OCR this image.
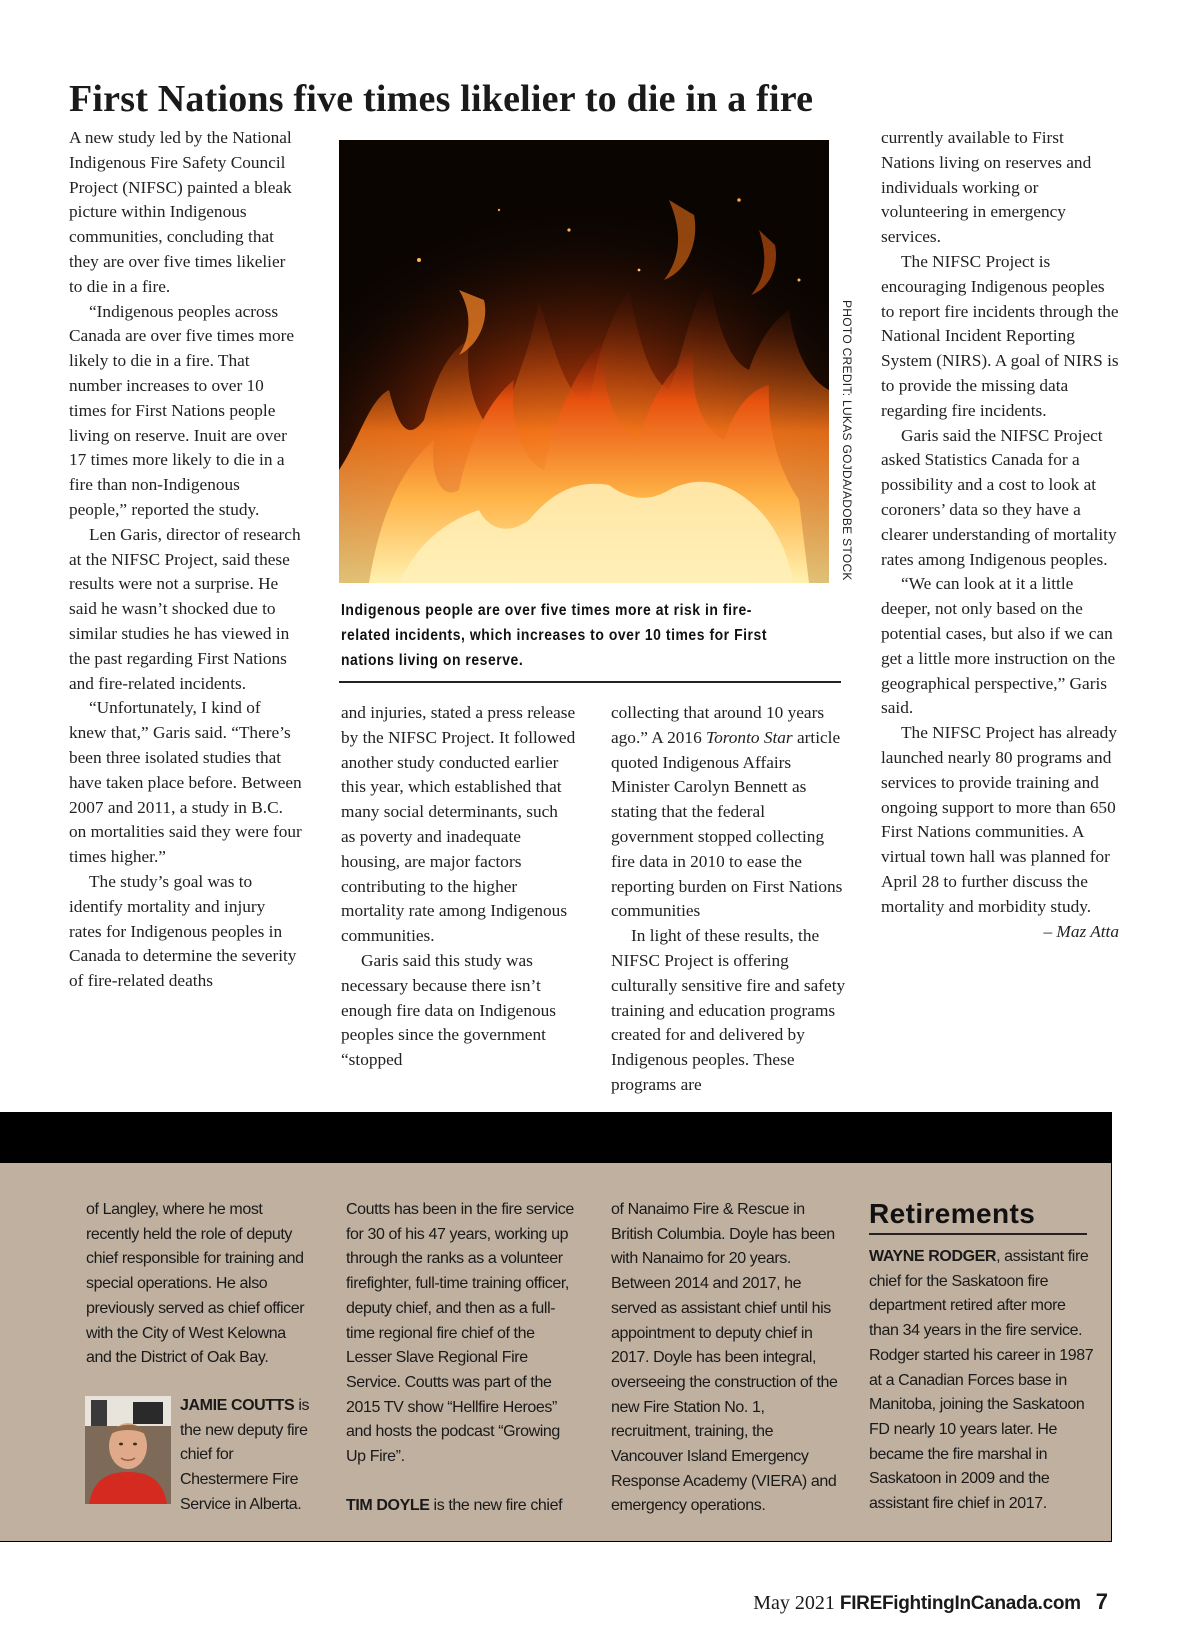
First Nations five times likelier to die in a fire

A new study led by the National Indigenous Fire Safety Council Project (NIFSC) painted a bleak picture within Indigenous communities, concluding that they are over five times likelier to die in a fire.

“Indigenous peoples across Canada are over five times more likely to die in a fire. That number increases to over 10 times for First Nations people living on reserve. Inuit are over 17 times more likely to die in a fire than non-Indigenous people,” reported the study.

Len Garis, director of research at the NIFSC Project, said these results were not a surprise. He said he wasn’t shocked due to similar studies he has viewed in the past regarding First Nations and fire-related incidents.

“Unfortunately, I kind of knew that,” Garis said. “There’s been three isolated studies that have taken place before. Between 2007 and 2011, a study in B.C. on mortalities said they were four times higher.”

The study’s goal was to identify mortality and injury rates for Indigenous peoples in Canada to determine the severity of fire-related deaths

PHOTO CREDIT: LUKAS GOJDA/ADOBE STOCK

Indigenous people are over five times more at risk in fire-related incidents, which increases to over 10 times for First nations living on reserve.

and injuries, stated a press release by the NIFSC Project. It followed another study conducted earlier this year, which established that many social determinants, such as poverty and inadequate housing, are major factors contributing to the higher mortality rate among Indigenous communities.

Garis said this study was necessary because there isn’t enough fire data on Indigenous peoples since the government “stopped

collecting that around 10 years ago.” A 2016 Toronto Star article quoted Indigenous Affairs Minister Carolyn Bennett as stating that the federal government stopped collecting fire data in 2010 to ease the reporting burden on First Nations communities

In light of these results, the NIFSC Project is offering culturally sensitive fire and safety training and education programs created for and delivered by Indigenous peoples. These programs are

currently available to First Nations living on reserves and individuals working or volunteering in emergency services.

The NIFSC Project is encouraging Indigenous peoples to report fire incidents through the National Incident Reporting System (NIRS). A goal of NIRS is to provide the missing data regarding fire incidents.

Garis said the NIFSC Project asked Statistics Canada for a possibility and a cost to look at coroners’ data so they have a clearer understanding of mortality rates among Indigenous peoples.

“We can look at it a little deeper, not only based on the potential cases, but also if we can get a little more instruction on the geographical perspective,” Garis said.

The NIFSC Project has already launched nearly 80 programs and services to provide training and ongoing support to more than 650 First Nations communities. A virtual town hall was planned for April 28 to further discuss the mortality and morbidity study.

– Maz Atta

of Langley, where he most recently held the role of deputy chief responsible for training and special operations. He also previously served as chief officer with the City of West Kelowna and the District of Oak Bay.

JAMIE COUTTS is the new deputy fire chief for Chestermere Fire Service in Alberta.

Coutts has been in the fire service for 30 of his 47 years, working up through the ranks as a volunteer firefighter, full-time training officer, deputy chief, and then as a full-time regional fire chief of the Lesser Slave Regional Fire Service. Coutts was part of the 2015 TV show “Hellfire Heroes” and hosts the podcast “Growing Up Fire”.

TIM DOYLE is the new fire chief

of Nanaimo Fire & Rescue in British Columbia. Doyle has been with Nanaimo for 20 years. Between 2014 and 2017, he served as assistant chief until his appointment to deputy chief in 2017. Doyle has been integral, overseeing the construction of the new Fire Station No. 1, recruitment, training, the Vancouver Island Emergency Response Academy (VIERA) and emergency operations.

Retirements

WAYNE RODGER, assistant fire chief for the Saskatoon fire department retired after more than 34 years in the fire service. Rodger started his career in 1987 at a Canadian Forces base in Manitoba, joining the Saskatoon FD nearly 10 years later. He became the fire marshal in Saskatoon in 2009 and the assistant fire chief in 2017.

May 2021 FIREFightingInCanada.com 7
